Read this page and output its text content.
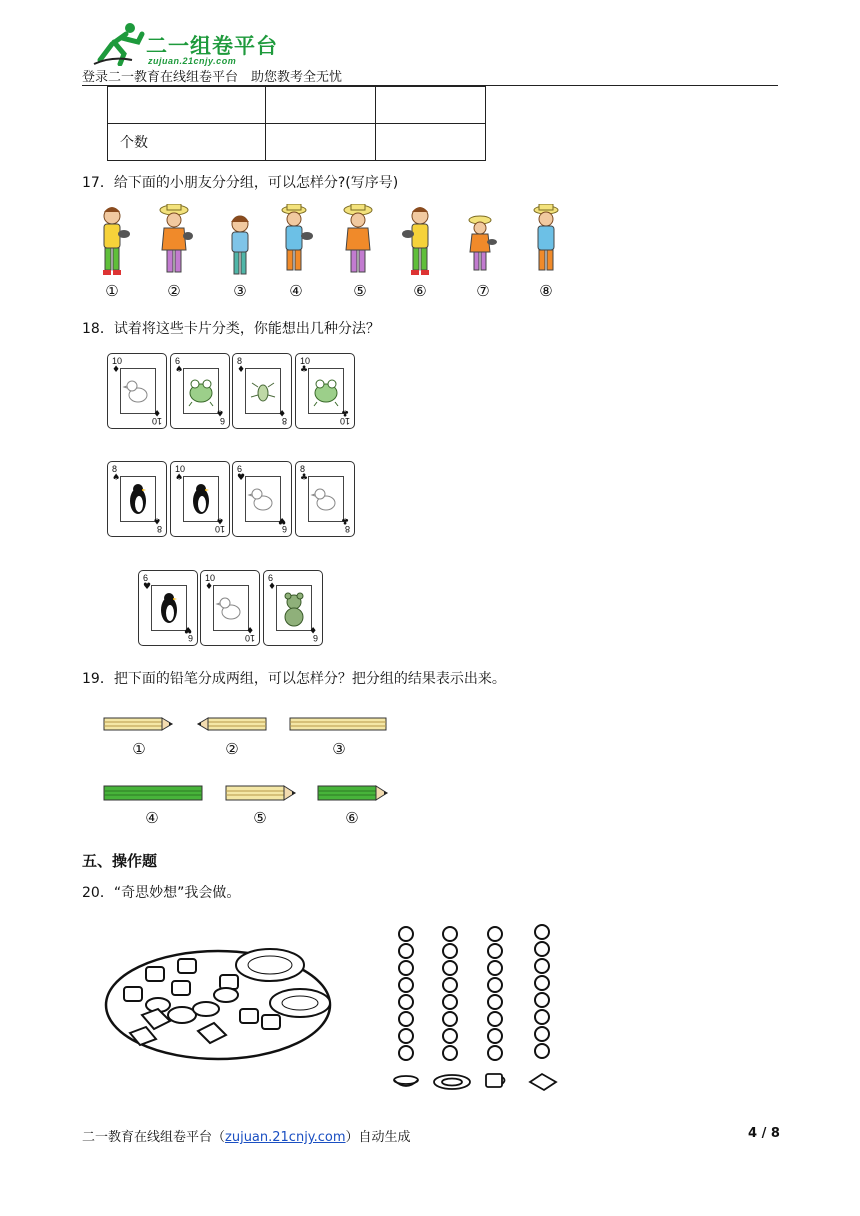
二一组卷平台
zujuan.21cnjy.com
登录二一教育在线组卷平台　助您教考全无忧

个数		
17．给下面的小朋友分分组，可以怎样分?(写序号)
①	②	③	④	⑤	⑥	⑦	⑧
18．试着将这些卡片分类，你能想出几种分法？
10
♦
♦
10
6
♠
♠
6
8
♦
♦
8
10
♣
♣
10
8
♠
♠
8
10
♠
♠
10
6
♥
♥
6
8
♣
♣
8
6
♥
♥
6
10
♦
♦
10
6
♦
♦
6
19．把下面的铅笔分成两组，可以怎样分？把分组的结果表示出来。
①	②	③
④	⑤	⑥
五、操作题
20．“奇思妙想”我会做。
二一教育在线组卷平台（zujuan.21cnjy.com）自动生成	4 / 8
